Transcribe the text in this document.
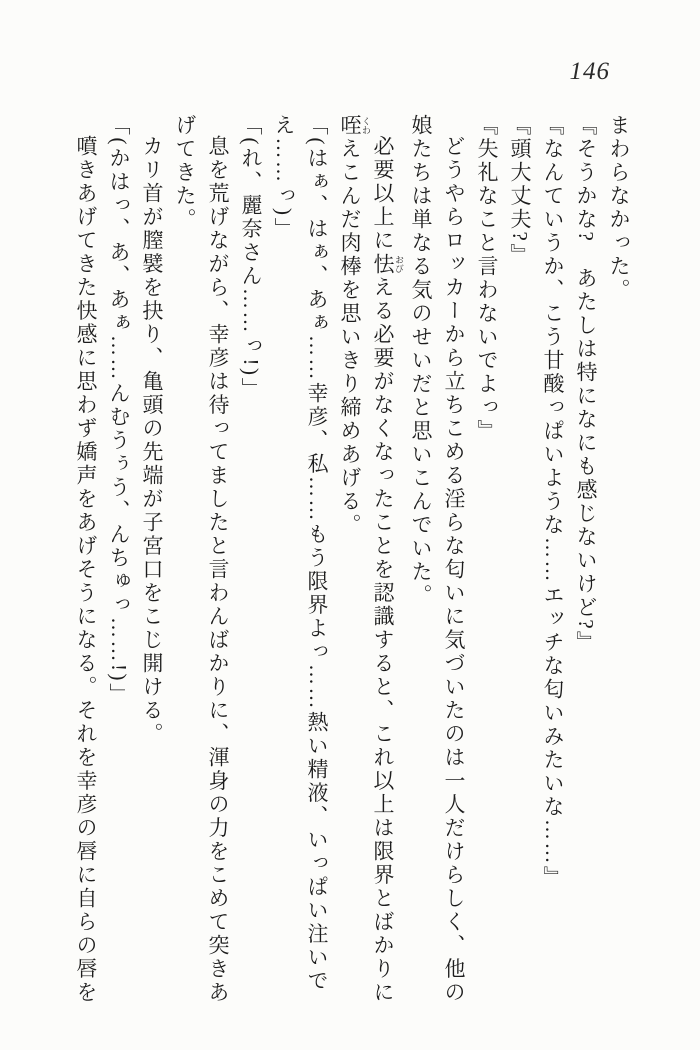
146

まわらなかった。

『そうかな?　あたしは特になにも感じないけど?』

『なんていうか、こう甘酸っぱいような……エッチな匂いみたいな……』

『頭大丈夫?』

『失礼なこと言わないでよっ』

どうやらロッカーから立ちこめる淫らな匂いに気づいたのは一人だけらしく、他の娘たちは単なる気のせいだと思いこんでいた。

必要以上に怯 おびえる必要がなくなったことを認識すると、これ以上は限界とばかりに咥 くわえこんだ肉棒を思いきり締めあげる。

「(はぁ、はぁ、あぁ……幸彦、私……もう限界よっ……熱い精液、いっぱい注いでえ……っ)」

「(れ、麗奈さん……っ!)」

息を荒げながら、幸彦は待ってましたと言わんばかりに、渾身の力をこめて突きあげてきた。

カリ首が膣襞を抉り、亀頭の先端が子宮口をこじ開ける。

「(かはっ、あ、あぁ……んむうぅう、んちゅっ……!)」

噴きあげてきた快感に思わず嬌声をあげそうになる。それを幸彦の唇に自らの唇を
